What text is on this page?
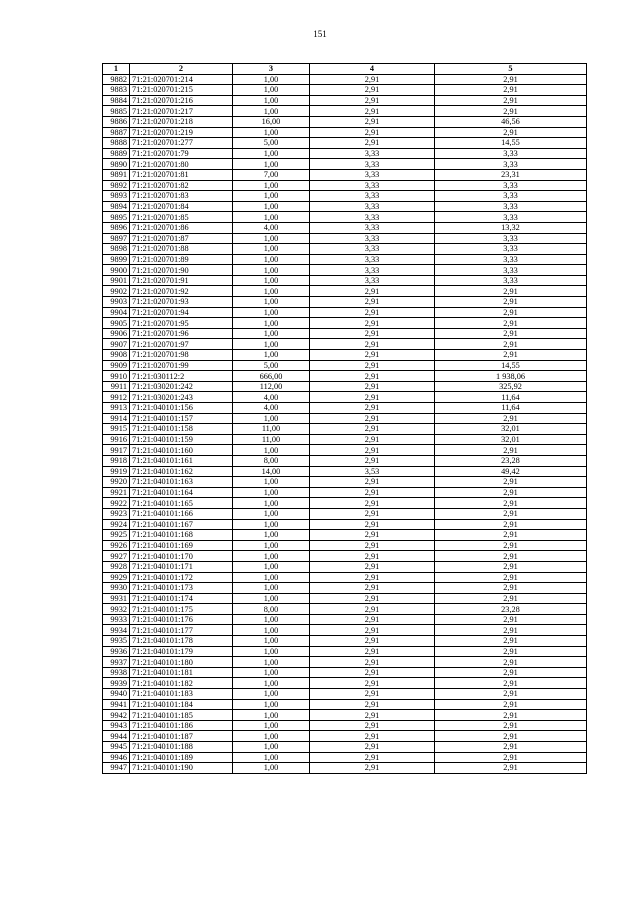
151
1	2	3	4	5
9882	71:21:020701:214	1,00	2,91	2,91
9883	71:21:020701:215	1,00	2,91	2,91
9884	71:21:020701:216	1,00	2,91	2,91
9885	71:21:020701:217	1,00	2,91	2,91
9886	71:21:020701:218	16,00	2,91	46,56
9887	71:21:020701:219	1,00	2,91	2,91
9888	71:21:020701:277	5,00	2,91	14,55
9889	71:21:020701:79	1,00	3,33	3,33
9890	71:21:020701:80	1,00	3,33	3,33
9891	71:21:020701:81	7,00	3,33	23,31
9892	71:21:020701:82	1,00	3,33	3,33
9893	71:21:020701:83	1,00	3,33	3,33
9894	71:21:020701:84	1,00	3,33	3,33
9895	71:21:020701:85	1,00	3,33	3,33
9896	71:21:020701:86	4,00	3,33	13,32
9897	71:21:020701:87	1,00	3,33	3,33
9898	71:21:020701:88	1,00	3,33	3,33
9899	71:21:020701:89	1,00	3,33	3,33
9900	71:21:020701:90	1,00	3,33	3,33
9901	71:21:020701:91	1,00	3,33	3,33
9902	71:21:020701:92	1,00	2,91	2,91
9903	71:21:020701:93	1,00	2,91	2,91
9904	71:21:020701:94	1,00	2,91	2,91
9905	71:21:020701:95	1,00	2,91	2,91
9906	71:21:020701:96	1,00	2,91	2,91
9907	71:21:020701:97	1,00	2,91	2,91
9908	71:21:020701:98	1,00	2,91	2,91
9909	71:21:020701:99	5,00	2,91	14,55
9910	71:21:030112:2	666,00	2,91	1 938,06
9911	71:21:030201:242	112,00	2,91	325,92
9912	71:21:030201:243	4,00	2,91	11,64
9913	71:21:040101:156	4,00	2,91	11,64
9914	71:21:040101:157	1,00	2,91	2,91
9915	71:21:040101:158	11,00	2,91	32,01
9916	71:21:040101:159	11,00	2,91	32,01
9917	71:21:040101:160	1,00	2,91	2,91
9918	71:21:040101:161	8,00	2,91	23,28
9919	71:21:040101:162	14,00	3,53	49,42
9920	71:21:040101:163	1,00	2,91	2,91
9921	71:21:040101:164	1,00	2,91	2,91
9922	71:21:040101:165	1,00	2,91	2,91
9923	71:21:040101:166	1,00	2,91	2,91
9924	71:21:040101:167	1,00	2,91	2,91
9925	71:21:040101:168	1,00	2,91	2,91
9926	71:21:040101:169	1,00	2,91	2,91
9927	71:21:040101:170	1,00	2,91	2,91
9928	71:21:040101:171	1,00	2,91	2,91
9929	71:21:040101:172	1,00	2,91	2,91
9930	71:21:040101:173	1,00	2,91	2,91
9931	71:21:040101:174	1,00	2,91	2,91
9932	71:21:040101:175	8,00	2,91	23,28
9933	71:21:040101:176	1,00	2,91	2,91
9934	71:21:040101:177	1,00	2,91	2,91
9935	71:21:040101:178	1,00	2,91	2,91
9936	71:21:040101:179	1,00	2,91	2,91
9937	71:21:040101:180	1,00	2,91	2,91
9938	71:21:040101:181	1,00	2,91	2,91
9939	71:21:040101:182	1,00	2,91	2,91
9940	71:21:040101:183	1,00	2,91	2,91
9941	71:21:040101:184	1,00	2,91	2,91
9942	71:21:040101:185	1,00	2,91	2,91
9943	71:21:040101:186	1,00	2,91	2,91
9944	71:21:040101:187	1,00	2,91	2,91
9945	71:21:040101:188	1,00	2,91	2,91
9946	71:21:040101:189	1,00	2,91	2,91
9947	71:21:040101:190	1,00	2,91	2,91
